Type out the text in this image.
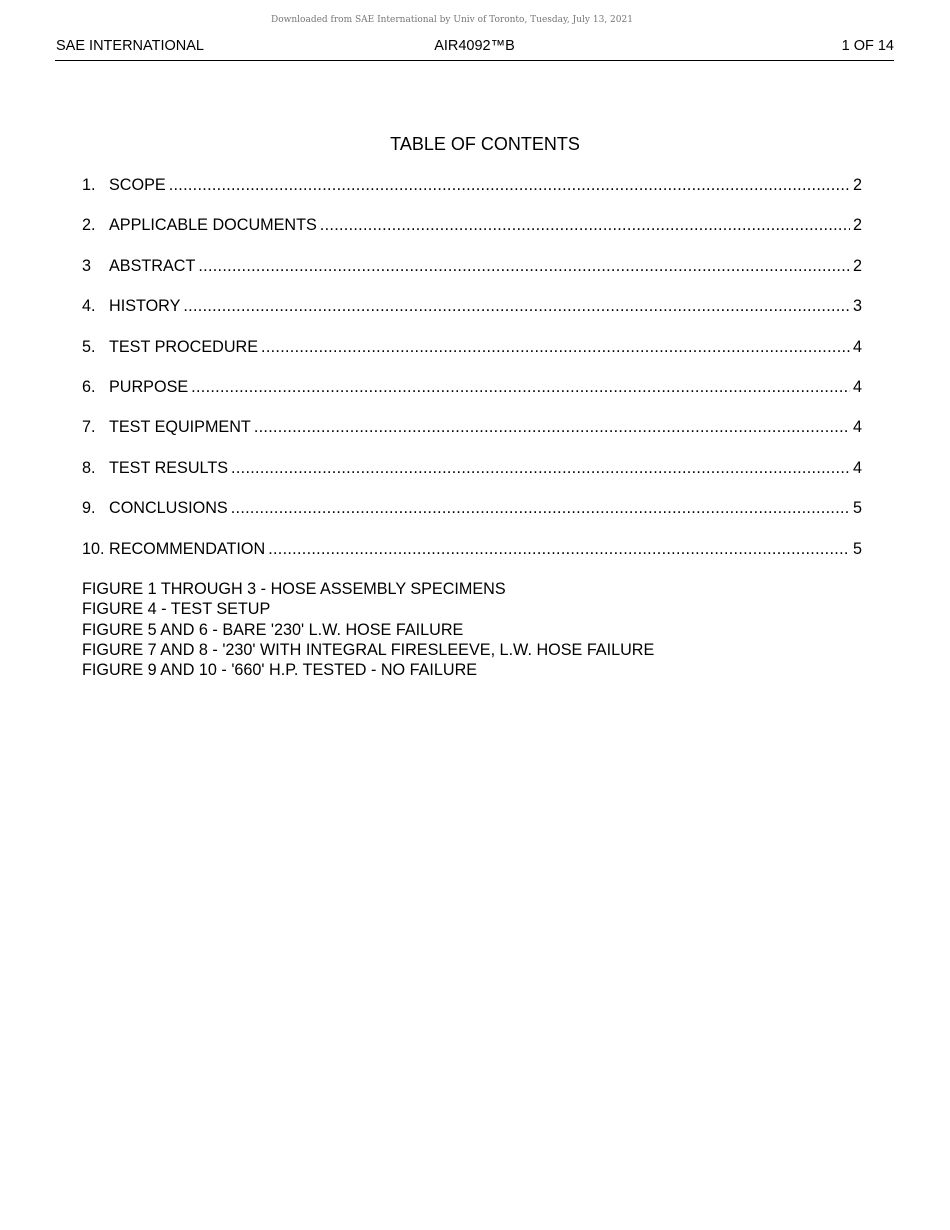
Downloaded from SAE International by Univ of Toronto, Tuesday, July 13, 2021
SAE INTERNATIONAL	AIR4092™B	1 OF 14
TABLE OF CONTENTS
1. SCOPE .....	2
2. APPLICABLE DOCUMENTS .....	2
3	ABSTRACT .....	2
4. HISTORY .....	3
5. TEST PROCEDURE .....	4
6. PURPOSE .....	4
7. TEST EQUIPMENT .....	4
8. TEST RESULTS .....	4
9. CONCLUSIONS .....	5
10. RECOMMENDATION .....	5
FIGURE 1 THROUGH 3 - HOSE ASSEMBLY SPECIMENS
FIGURE 4 - TEST SETUP
FIGURE 5 AND 6 - BARE '230' L.W. HOSE FAILURE
FIGURE 7 AND 8 - '230' WITH INTEGRAL FIRESLEEVE, L.W. HOSE FAILURE
FIGURE 9 AND 10 - '660' H.P. TESTED - NO FAILURE
